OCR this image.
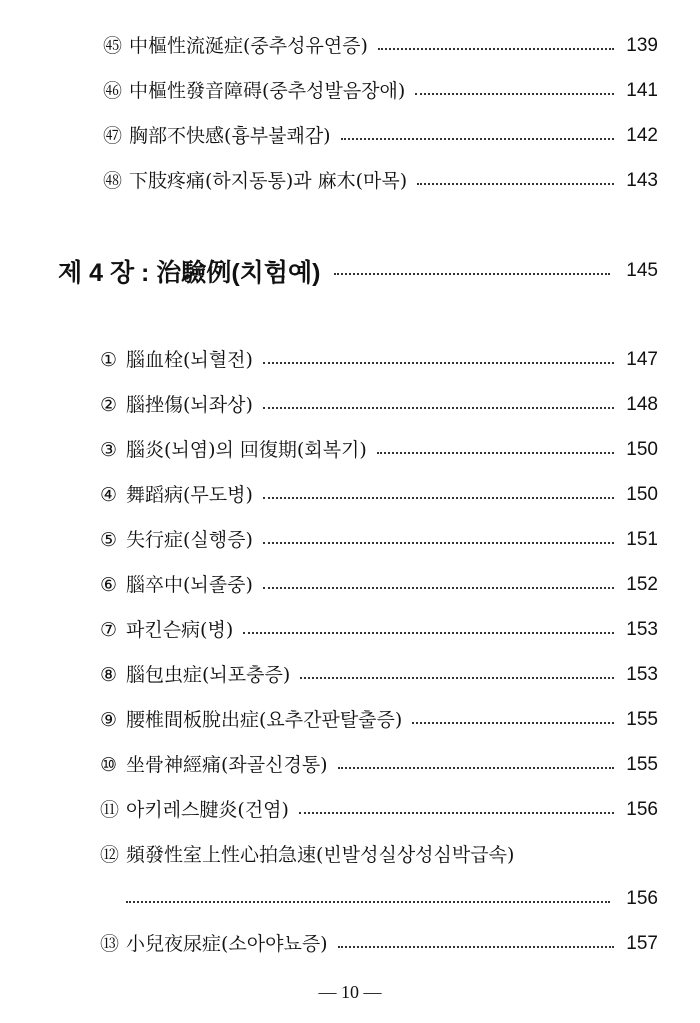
㊺ 中樞性流涎症(중추성유연증)	139
㊻ 中樞性發音障碍(중추성발음장애)	141
㊼ 胸部不快感(흉부불쾌감)	142
㊽ 下肢疼痛(하지동통)과 麻木(마목)	143
제 4 장 : 治驗例(치험예)	145
① 腦血栓(뇌혈전)	147
② 腦挫傷(뇌좌상)	148
③ 腦炎(뇌염)의 回復期(회복기)	150
④ 舞蹈病(무도병)	150
⑤ 失行症(실행증)	151
⑥ 腦卒中(뇌졸중)	152
⑦ 파킨슨病(병)	153
⑧ 腦包虫症(뇌포충증)	153
⑨ 腰椎間板脫出症(요추간판탈출증)	155
⑩ 坐骨神經痛(좌골신경통)	155
⑪ 아키레스腱炎(건염)	156
⑫ 頻發性室上性心拍急速(빈발성실상성심박급속)
156
⑬ 小兒夜尿症(소아야뇨증)	157
— 10 —
